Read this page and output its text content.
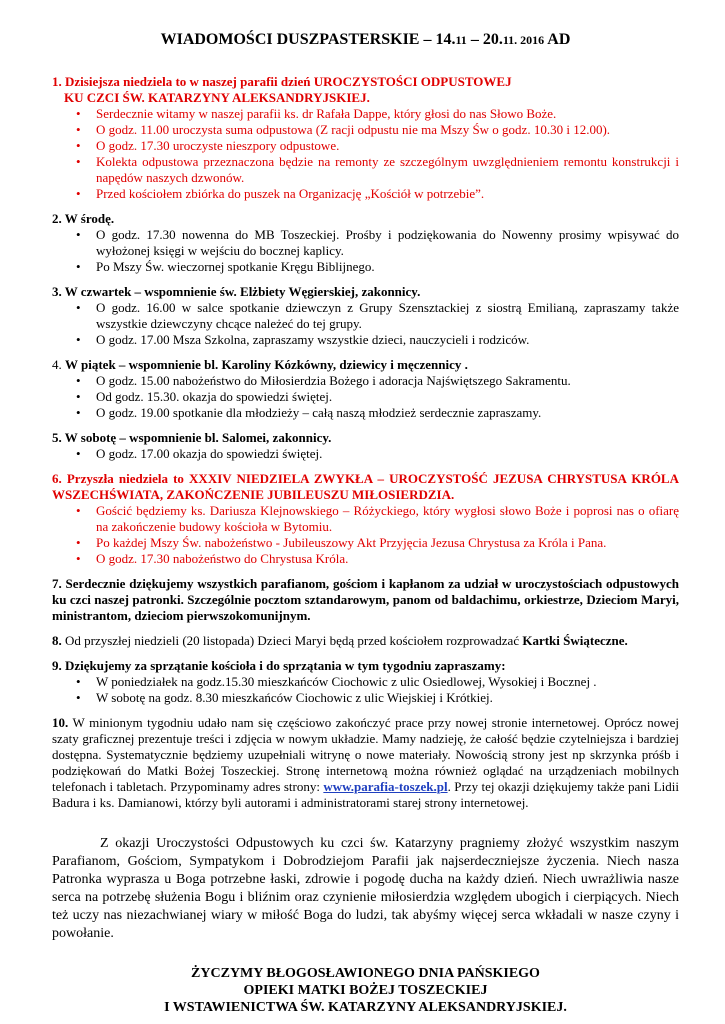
WIADOMOŚCI DUSZPASTERSKIE – 14.11 – 20.11. 2016 AD
1. Dzisiejsza niedziela to w naszej parafii dzień UROCZYSTOŚCI ODPUSTOWEJ
KU CZCI ŚW. KATARZYNY ALEKSANDRYJSKIEJ.
• Serdecznie witamy w naszej parafii ks. dr Rafała Dappe, który głosi do nas Słowo Boże.
• O godz. 11.00 uroczysta suma odpustowa (Z racji odpustu nie ma Mszy Św o godz. 10.30 i 12.00).
• O godz. 17.30 uroczyste nieszpory odpustowe.
• Kolekta odpustowa przeznaczona będzie na remonty ze szczególnym uwzględnieniem remontu konstrukcji i napędów naszych dzwonów.
• Przed kościołem zbiórka do puszek na Organizację „Kościół w potrzebie”.
2. W środę.
• O godz. 17.30 nowenna do MB Toszeckiej. Prośby i podziękowania do Nowenny prosimy wpisywać do wyłożonej księgi w wejściu do bocznej kaplicy.
• Po Mszy Św. wieczornej spotkanie Kręgu Biblijnego.
3. W czwartek – wspomnienie św. Elżbiety Węgierskiej, zakonnicy.
• O godz. 16.00 w salce spotkanie dziewczyn z Grupy Szensztackiej z siostrą Emilianą, zapraszamy także wszystkie dziewczyny chcące należeć do tej grupy.
• O godz. 17.00 Msza Szkolna, zapraszamy wszystkie dzieci, nauczycieli i rodziców.
4. W piątek – wspomnienie bl. Karoliny Kózkówny, dziewicy i męczennicy .
• O godz. 15.00 nabożeństwo do Miłosierdzia Bożego i adoracja Najświętszego Sakramentu.
• Od godz. 15.30. okazja do spowiedzi świętej.
• O godz. 19.00 spotkanie dla młodzieży – całą naszą młodzież serdecznie zapraszamy.
5. W sobotę – wspomnienie bl. Salomei, zakonnicy.
• O godz. 17.00 okazja do spowiedzi świętej.
6. Przyszła niedziela to XXXIV NIEDZIELA ZWYKŁA – UROCZYSTOŚĆ JEZUSA CHRYSTUSA KRÓLA WSZECHŚWIATA, ZAKOŃCZENIE JUBILEUSZU MIŁOSIERDZIA.
• Gościć będziemy ks. Dariusza Klejnowskiego – Różyckiego, który wygłosi słowo Boże i poprosi nas o ofiarę na zakończenie budowy kościoła w Bytomiu.
• Po każdej Mszy Św. nabożeństwo - Jubileuszowy Akt Przyjęcia Jezusa Chrystusa za Króla i Pana.
• O godz. 17.30 nabożeństwo do Chrystusa Króla.
7. Serdecznie dziękujemy wszystkich parafianom, gościom i kapłanom za udział w uroczystościach odpustowych ku czci naszej patronki. Szczególnie pocztom sztandarowym, panom od baldachimu, orkiestrze, Dzieciom Maryi, ministrantom, dzieciom pierwszokomunijnym.
8. Od przyszłej niedzieli (20 listopada) Dzieci Maryi będą przed kościołem rozprowadzać Kartki Świąteczne.
9. Dziękujemy za sprzątanie kościoła i do sprzątania w tym tygodniu zapraszamy:
• W poniedziałek na godz.15.30 mieszkańców Ciochowic z ulic Osiedlowej, Wysokiej i Bocznej .
• W sobotę na godz. 8.30 mieszkańców Ciochowic z ulic Wiejskiej i Krótkiej.
10. W minionym tygodniu udało nam się częściowo zakończyć prace przy nowej stronie internetowej. Oprócz nowej szaty graficznej prezentuje treści i zdjęcia w nowym układzie. Mamy nadzieję, że całość będzie czytelniejsza i bardziej dostępna. Systematycznie będziemy uzupełniali witrynę o nowe materiały. Nowością strony jest np skrzynka próśb i podziękowań do Matki Bożej Toszeckiej. Stronę internetową można również oglądać na urządzeniach mobilnych telefonach i tabletach. Przypominamy adres strony: www.parafia-toszek.pl. Przy tej okazji dziękujemy także pani Lidii Badura i ks. Damianowi, którzy byli autorami i administratorami starej strony internetowej.
Z okazji Uroczystości Odpustowych ku czci św. Katarzyny pragniemy złożyć wszystkim naszym Parafianom, Gościom, Sympatykom i Dobrodziejom Parafii jak najserdeczniejsze życzenia. Niech nasza Patronka wyprasza u Boga potrzebne łaski, zdrowie i pogodę ducha na każdy dzień. Niech uwrażliwia nasze serca na potrzebę służenia Bogu i bliźnim oraz czynienie miłosierdzia względem ubogich i cierpiących. Niech też uczy nas niezachwianej wiary w miłość Boga do ludzi, tak abyśmy więcej serca wkładali w nasze czyny i powołanie.
ŻYCZYMY BŁOGOSŁAWIONEGO DNIA PAŃSKIEGO
OPIEKI MATKI BOŻEJ TOSZECKIEJ
I WSTAWIENICTWA ŚW. KATARZYNY ALEKSANDRYJSKIEJ.
